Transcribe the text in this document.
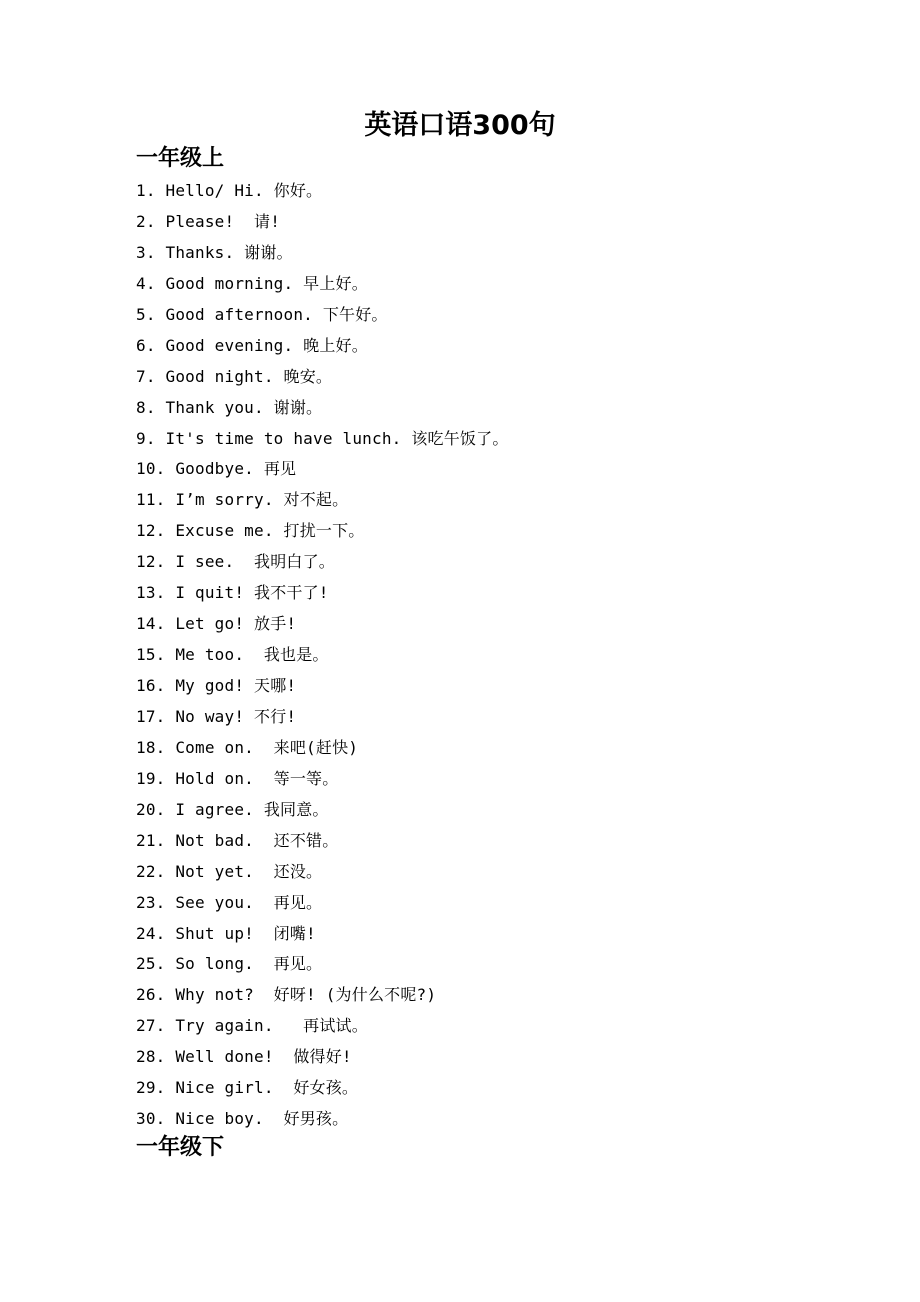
英语口语300句
一年级上
1. Hello/ Hi. 你好。
2. Please!  请!
3. Thanks. 谢谢。
4. Good morning. 早上好。
5. Good afternoon. 下午好。
6. Good evening. 晚上好。
7. Good night. 晚安。
8. Thank you. 谢谢。
9. It's time to have lunch. 该吃午饭了。
10. Goodbye. 再见
11. I’m sorry. 对不起。
12. Excuse me. 打扰一下。
12. I see.  我明白了。
13. I quit! 我不干了!
14. Let go! 放手!
15. Me too.  我也是。
16. My god! 天哪!
17. No way! 不行!
18. Come on.  来吧(赶快)
19. Hold on.  等一等。
20. I agree. 我同意。
21. Not bad.  还不错。
22. Not yet.  还没。
23. See you.  再见。
24. Shut up!  闭嘴!
25. So long.  再见。
26. Why not?  好呀! (为什么不呢?)
27. Try again.   再试试。
28. Well done!  做得好!
29. Nice girl.  好女孩。
30. Nice boy.  好男孩。
一年级下
